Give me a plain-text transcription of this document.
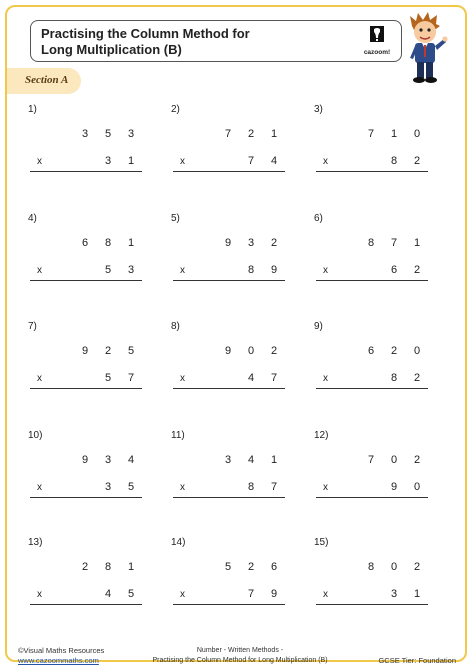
Practising the Column Method for
Long Multiplication (B)	cazoom!
Section A
1)
3 5 3
x	3 1
2)
7 2 1
x	7 4
3)
7 1 0
x	8 2
4)
6 8 1
x	5 3
5)
9 3 2
x	8 9
6)
8 7 1
x	6 2
7)
9 2 5
x	5 7
8)
9 0 2
x	4 7
9)
6 2 0
x	8 2
10)
9 3 4
x	3 5
11)
3 4 1
x	8 7
12)
7 0 2
x	9 0
13)
2 8 1
x	4 5
14)
5 2 6
x	7 9
15)
8 0 2
x	3 1
©Visual Maths Resources
www.cazoommaths.com
Number - Written Methods -
Practising the Column Method for Long Multiplication (B)	GCSE Tier: Foundation
